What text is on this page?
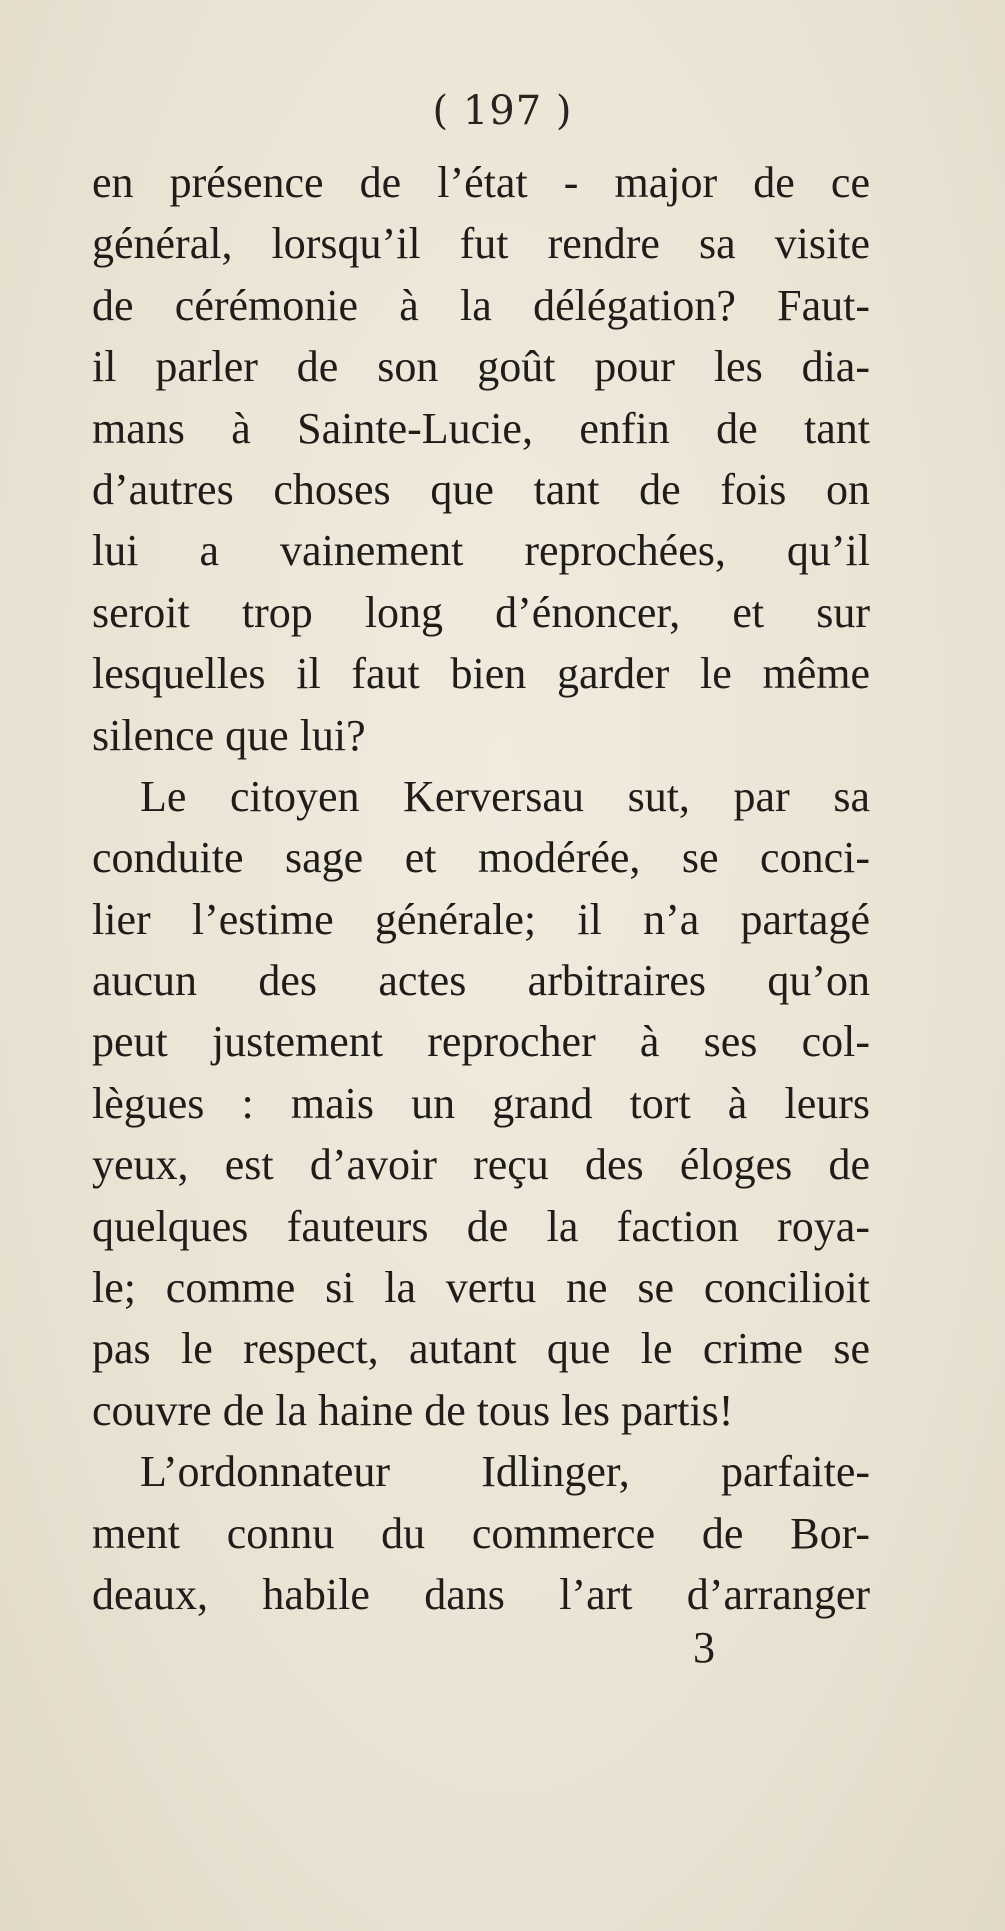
( 197 )
en présence de l’état - major de ce
général, lorsqu’il fut rendre sa visite
de cérémonie à la délégation? Faut-
il parler de son goût pour les dia-
mans à Sainte-Lucie, enfin de tant
d’autres choses que tant de fois on
lui a vainement reprochées, qu’il
seroit trop long d’énoncer, et sur
lesquelles il faut bien garder le même
silence que lui?
Le citoyen Kerversau sut, par sa
conduite sage et modérée, se conci-
lier l’estime générale; il n’a partagé
aucun des actes arbitraires qu’on
peut justement reprocher à ses col-
lègues : mais un grand tort à leurs
yeux, est d’avoir reçu des éloges de
quelques fauteurs de la faction roya-
le; comme si la vertu ne se concilioit
pas le respect, autant que le crime se
couvre de la haine de tous les partis!
L’ordonnateur Idlinger, parfaite-
ment connu du commerce de Bor-
deaux, habile dans l’art d’arranger
3
